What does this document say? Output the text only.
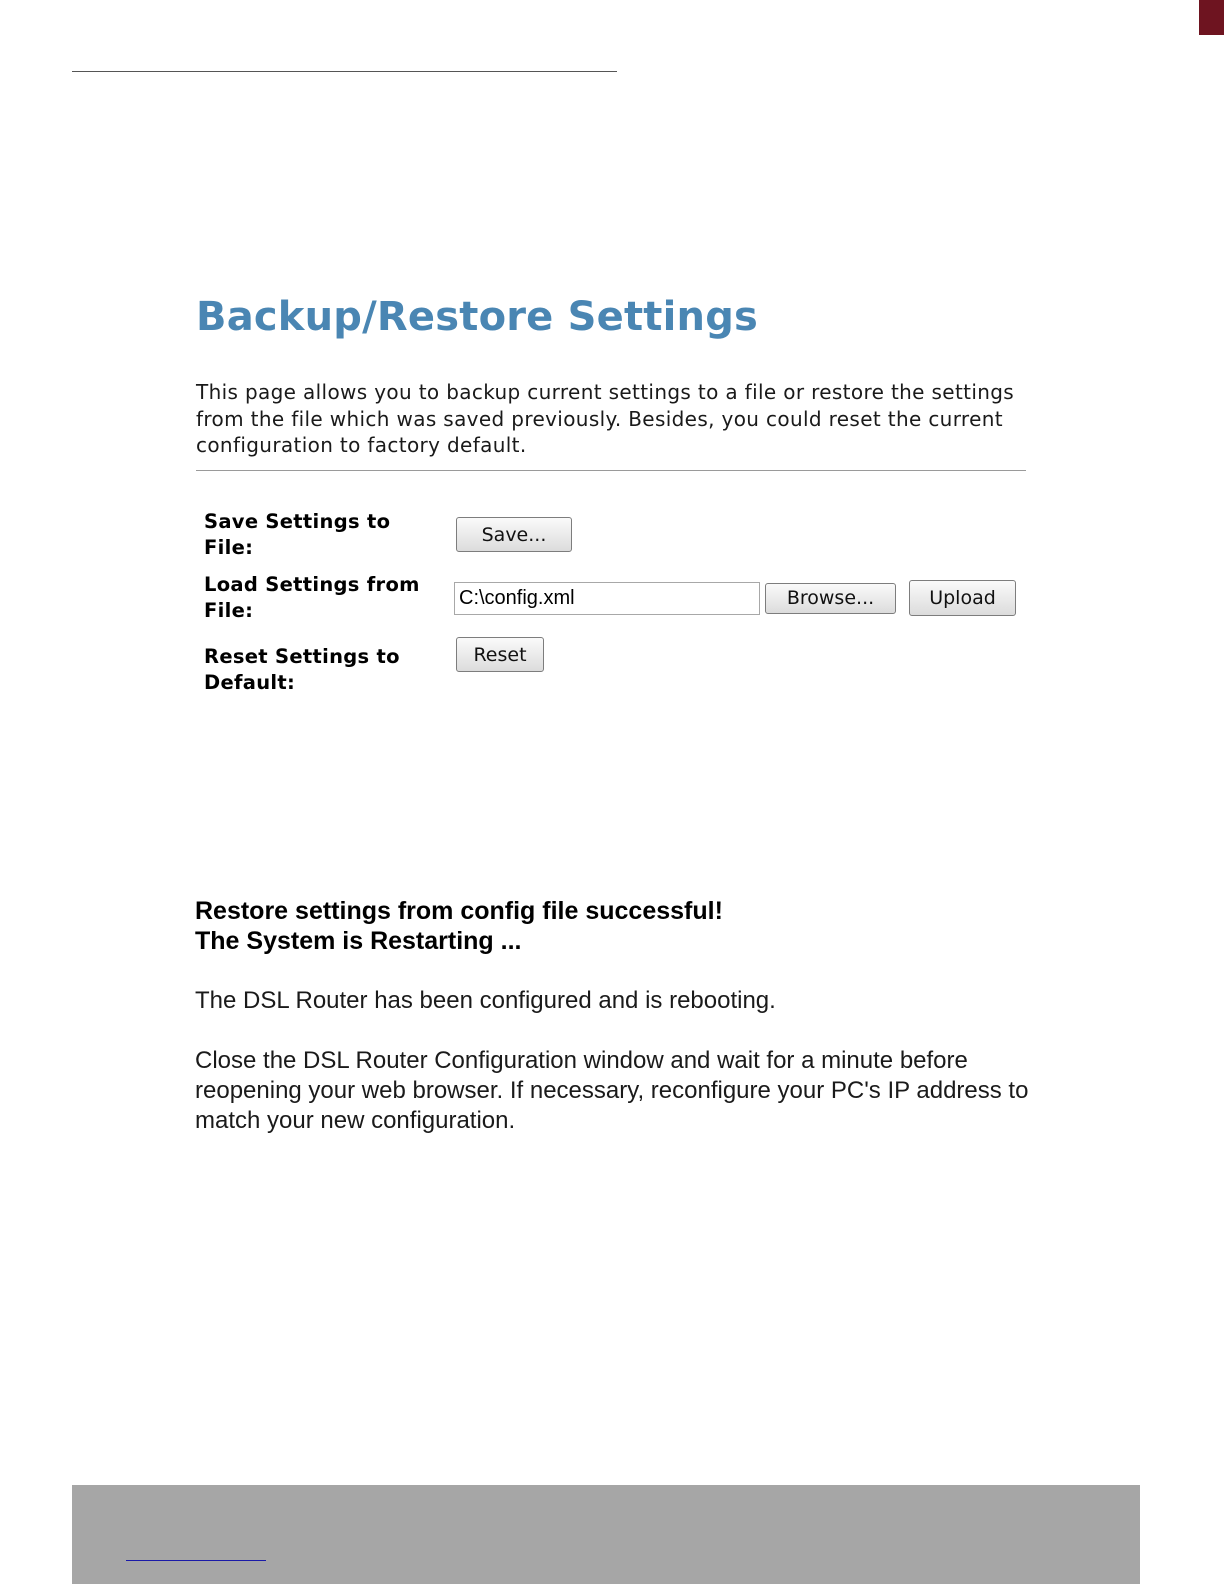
Backup/Restore Settings

This page allows you to backup current settings to a file or restore the settings from the file which was saved previously. Besides, you could reset the current configuration to factory default.

Save Settings to File:
Save...
Load Settings from File:
C:\config.xml
Browse...	Upload
Reset Settings to Default:
Reset
Restore settings from config file successful!
The System is Restarting ...

The DSL Router has been configured and is rebooting.

Close the DSL Router Configuration window and wait for a minute before reopening your web browser. If necessary, reconfigure your PC's IP address to match your new configuration.
